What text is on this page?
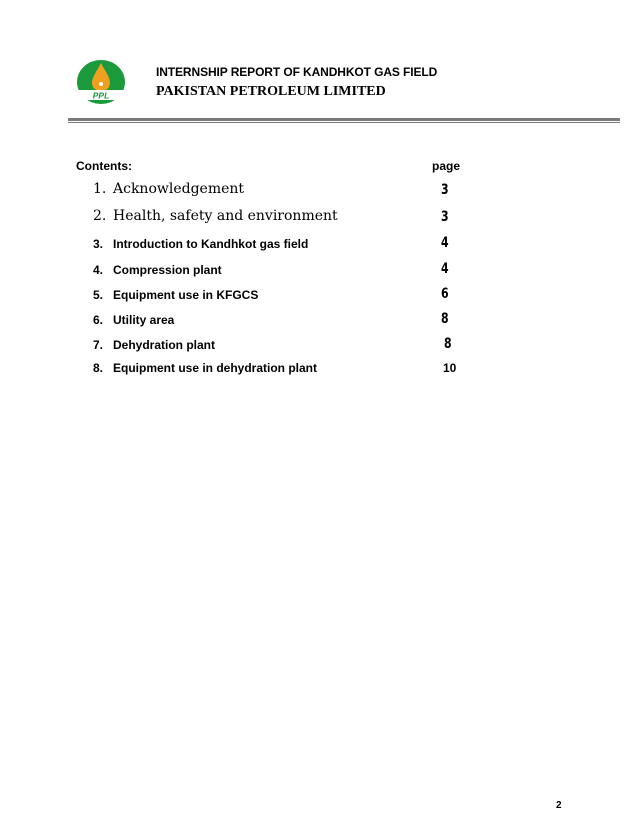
PPL
INTERNSHIP REPORT OF KANDHKOT GAS FIELD
PAKISTAN PETROLEUM LIMITED
Contents:	page
1. Acknowledgement	3
2. Health, safety and environment	3
3. Introduction to Kandhkot gas field	4
4. Compression plant	4
5. Equipment use in KFGCS	6
6. Utility area	8
7. Dehydration plant	8
8. Equipment use in dehydration plant	10
2
